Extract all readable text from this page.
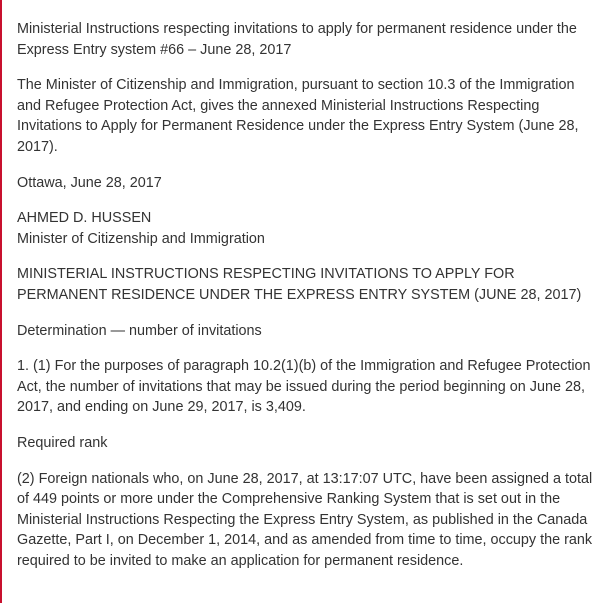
Ministerial Instructions respecting invitations to apply for permanent residence under the Express Entry system #66 – June 28, 2017

The Minister of Citizenship and Immigration, pursuant to section 10.3 of the Immigration and Refugee Protection Act, gives the annexed Ministerial Instructions Respecting Invitations to Apply for Permanent Residence under the Express Entry System (June 28, 2017).

Ottawa, June 28, 2017

AHMED D. HUSSEN
Minister of Citizenship and Immigration

MINISTERIAL INSTRUCTIONS RESPECTING INVITATIONS TO APPLY FOR PERMANENT RESIDENCE UNDER THE EXPRESS ENTRY SYSTEM (JUNE 28, 2017)

Determination — number of invitations

1. (1) For the purposes of paragraph 10.2(1)(b) of the Immigration and Refugee Protection Act, the number of invitations that may be issued during the period beginning on June 28, 2017, and ending on June 29, 2017, is 3,409.

Required rank

(2) Foreign nationals who, on June 28, 2017, at 13:17:07 UTC, have been assigned a total of 449 points or more under the Comprehensive Ranking System that is set out in the Ministerial Instructions Respecting the Express Entry System, as published in the Canada Gazette, Part I, on December 1, 2014, and as amended from time to time, occupy the rank required to be invited to make an application for permanent residence.
